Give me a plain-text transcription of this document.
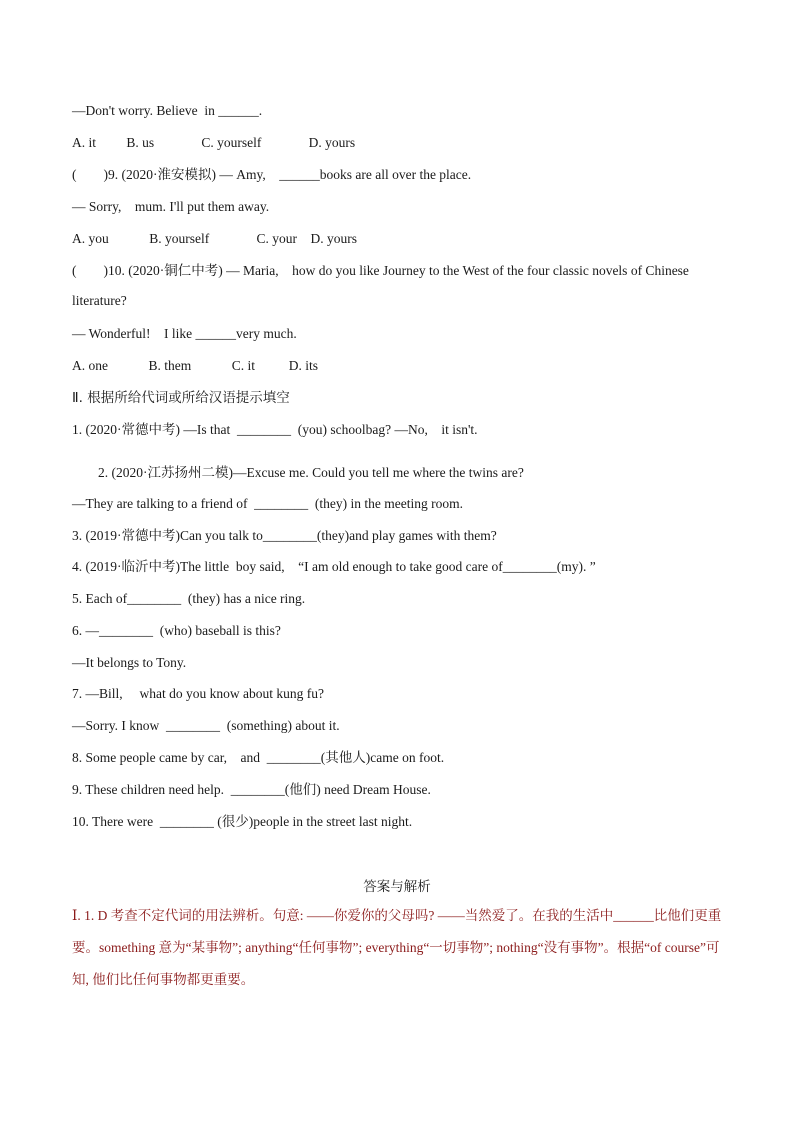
—Don't worry. Believe  in ______.
A. it         B. us              C. yourself              D. yours
(        )9. (2020·淮安模拟) — Amy,    ______books are all over the place.
— Sorry,    mum. I'll put them away.
A. you            B. yourself              C. your    D. yours
(        )10. (2020·铜仁中考) — Maria,    how do you like Journey to the West of the four classic novels of Chinese
literature?
— Wonderful!    I like ______very much.
A. one            B. them            C. it          D. its
Ⅱ. 根据所给代词或所给汉语提示填空
1. (2020·常德中考) —Is that  ________  (you) schoolbag? —No,    it isn't.
2. (2020·江苏扬州二模)—Excuse me. Could you tell me where the twins are?
—They are talking to a friend of  ________  (they) in the meeting room.
3. (2019·常德中考)Can you talk to________(they)and play games with them?
4. (2019·临沂中考)The little  boy said,    “I am old enough to take good care of________(my). ”
5. Each of________  (they) has a nice ring.
6. —________  (who) baseball is this?
—It belongs to Tony.
7. —Bill,     what do you know about kung fu?
—Sorry. I know  ________  (something) about it.
8. Some people came by car,    and  ________(其他人)came on foot.
9. These children need help.  ________(他们) need Dream House.
10. There were  ________ (很少)people in the street last night.
答案与解析
Ⅰ. 1. D 考查不定代词的用法辨析。句意: ——你爱你的父母吗? ——当然爱了。在我的生活中______比他们更重要。something 意为“某事物”; anything“任何事物”; everything“一切事物”; nothing“没有事物”。根据“of course”可知, 他们比任何事物都更重要。
